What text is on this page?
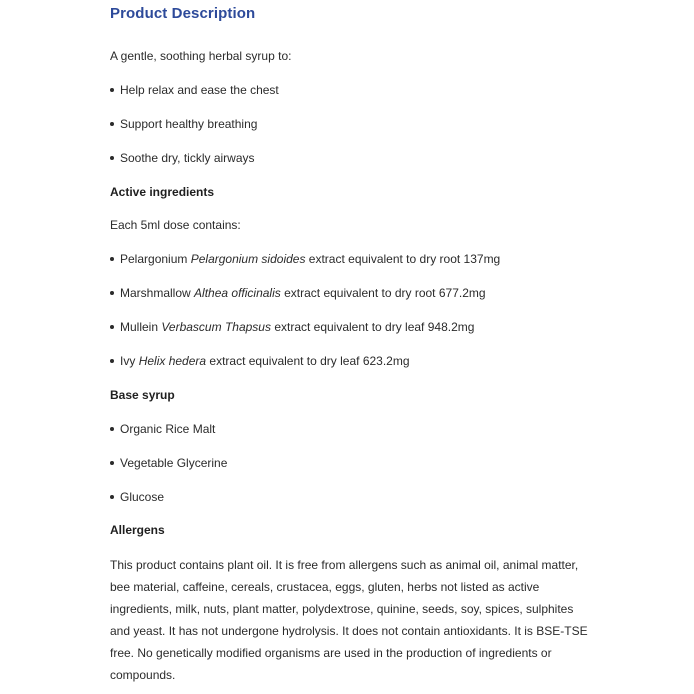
Product Description
A gentle, soothing herbal syrup to:
Help relax and ease the chest
Support healthy breathing
Soothe dry, tickly airways
Active ingredients
Each 5ml dose contains:
Pelargonium Pelargonium sidoides extract equivalent to dry root 137mg
Marshmallow Althea officinalis extract equivalent to dry root 677.2mg
Mullein Verbascum Thapsus extract equivalent to dry leaf 948.2mg
Ivy Helix hedera extract equivalent to dry leaf 623.2mg
Base syrup
Organic Rice Malt
Vegetable Glycerine
Glucose
Allergens
This product contains plant oil. It is free from allergens such as animal oil, animal matter,
bee material, caffeine, cereals, crustacea, eggs, gluten, herbs not listed as active
ingredients, milk, nuts, plant matter, polydextrose, quinine, seeds, soy, spices, sulphites
and yeast. It has not undergone hydrolysis. It does not contain antioxidants. It is BSE-TSE
free. No genetically modified organisms are used in the production of ingredients or
compounds.
